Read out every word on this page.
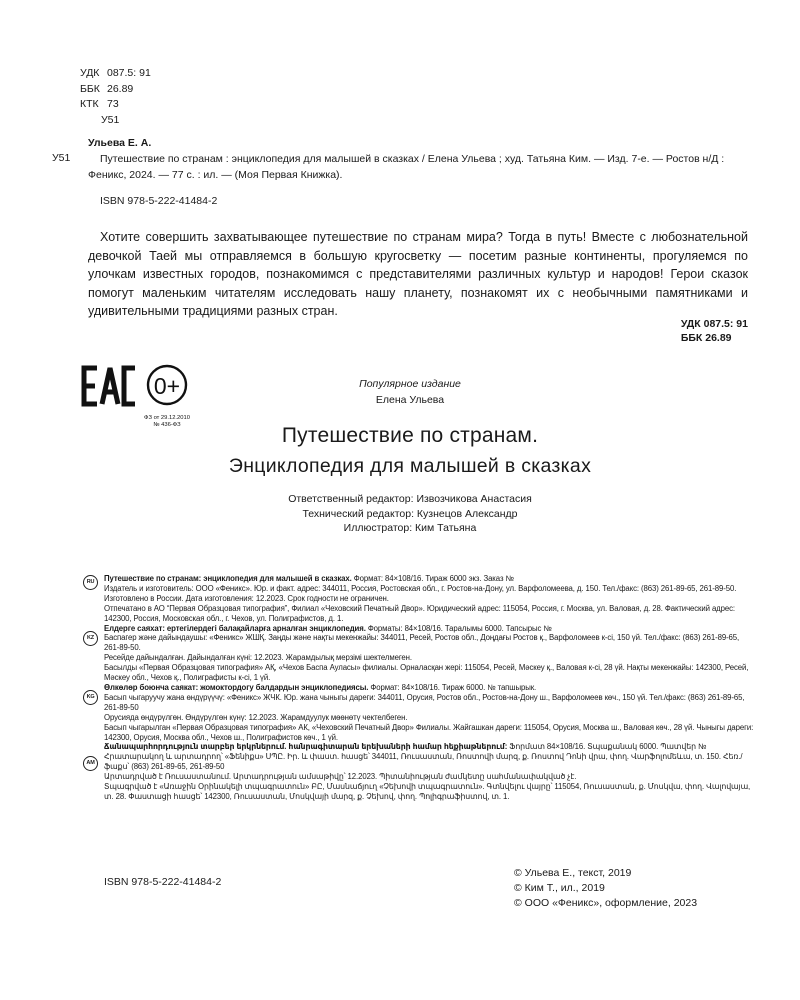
УДК 087.5: 91
ББК 26.89
КТК 73
У51
Ульева Е. А.
У51	Путешествие по странам : энциклопедия для малышей в сказках / Елена Ульева ; худ. Татьяна Ким. — Изд. 7-е. — Ростов н/Д : Феникс, 2024. — 77 с. : ил. — (Моя Первая Книжка).
ISBN 978-5-222-41484-2
Хотите совершить захватывающее путешествие по странам мира? Тогда в путь! Вместе с любознательной девочкой Таей мы отправляемся в большую кругосветку — посетим разные континенты, прогуляемся по улочкам известных городов, познакомимся с представителями различных культур и народов! Герои сказок помогут маленьким читателям исследовать нашу планету, познакомят их с необычными памятниками и удивительными традициями разных стран.
УДК 087.5: 91
ББК 26.89
0+
ФЗ от 29.12.2010
№ 436-ФЗ
Популярное издание
Елена Ульева
Путешествие по странам.
Энциклопедия для малышей в сказках
Ответственный редактор: Извозчикова Анастасия
Технический редактор: Кузнецов Александр
Иллюстратор: Ким Татьяна
RU	Путешествие по странам: энциклопедия для малышей в сказках. Формат: 84×108/16. Тираж 6000 экз. Заказ №

Издатель и изготовитель: ООО «Феникс». Юр. и факт. адрес: 344011, Россия, Ростовская обл., г. Ростов-на-Дону, ул. Варфоломеева, д. 150. Тел./факс: (863) 261-89-65, 261-89-50.

Изготовлено в России. Дата изготовления: 12.2023. Срок годности не ограничен.

Отпечатано в АО “Первая Образцовая типография”, Филиал «Чеховский Печатный Двор». Юридический адрес: 115054, Россия, г. Москва, ул. Валовая, д. 28. Фактический адрес: 142300, Россия, Московская обл., г. Чехов, ул. Полиграфистов, д. 1.

KZ

Елдерге саяхат: ертегілердегі балақайларға арналған энциклопедия. Форматы: 84×108/16. Таралымы 6000. Тапсырыс №

Баспагер және дайындаушы: «Феникс» ЖШҚ. Заңды және нақты мекенжайы: 344011, Ресей, Ростов обл., Доңдағы Ростов қ., Варфоломеев к-сі, 150 үй. Тел./факс: (863) 261-89-65, 261-89-50.

Ресейде дайындалған. Дайындалған күні: 12.2023. Жарамдылық мерзімі шектелмеген.

Басылды «Первая Образцовая типография» АҚ, «Чехов Баспа Ауласы» филиалы. Орналасқан жері: 115054, Ресей, Мәскеу қ., Валовая к-сі, 28 үй. Нақты мекенжайы: 142300, Ресей, Мәскеу обл., Чехов қ., Полиграфисты к-сі, 1 үй.

KG

Өлкөлөр боюнча саякат: жомоктордогу балдардын энциклопедиясы. Формат: 84×108/16. Тираж 6000. № тапшырык.

Басып чыгаруучу жана өндүрүүчү: «Феникс» ЖЧК. Юр. жана чыныгы дареги: 344011, Орусия, Ростов обл., Ростов-на-Дону ш., Варфоломеев көч., 150 үй. Тел./факс: (863) 261-89-65, 261-89-50

Орусияда өндүрүлгөн. Өндүрүлгөн күнү: 12.2023. Жарамдуулук мөөнөтү чектелбеген.

Басып чыгарылган «Первая Образцовая типография» АК, «Чеховский Печатный Двор» Филиалы. Жайгашкан дареги: 115054, Орусия, Москва ш., Валовая көч., 28 үй. Чыныгы дареги: 142300, Орусия, Москва обл., Чехов ш., Полиграфистов көч., 1 үй.

AM

Ճանապարհորդություն տարբեր երկրներում. հանրագիտարան երեխաների համար հեքիաթներում: Ֆորմատ 84×108/16. Տպաքանակ 6000. Պատվեր №

Հրատարակող և արտադրող՝ «Ֆենիքս» ՍՊԸ. Իր. և փաստ. հասցե՝ 344011, Ռուսաստան, Ռոստովի մարզ, ք. Ռոստով Դոնի վրա, փող. Վարֆոլոմեևա, տ. 150. Հեռ./ֆաքս՝ (863) 261-89-65, 261-89-50

Արտադրված է Ռուսաստանում. Արտադրության ամսաթիվը՝ 12.2023. Պիտանիության ժամկետը սահմանափակված չէ.

Տպագրված է «Առաջին Օրինակելի տպագրատուն» ԲԸ, Մասնաճյուղ «Չեխովի տպագրատուն». Գտնվելու վայրը՝ 115054, Ռուսաստան, ք. Մոսկվա, փող. Վալովայա, տ. 28. Փաստացի հասցե՝ 142300, Ռուսաստան, Մոսկվայի մարզ, ք. Չեխով, փող. Պոլիգրաֆիստով, տ. 1.

ISBN 978-5-222-41484-2
© Ульева Е., текст, 2019
© Ким Т., ил., 2019
© ООО «Феникс», оформление, 2023
